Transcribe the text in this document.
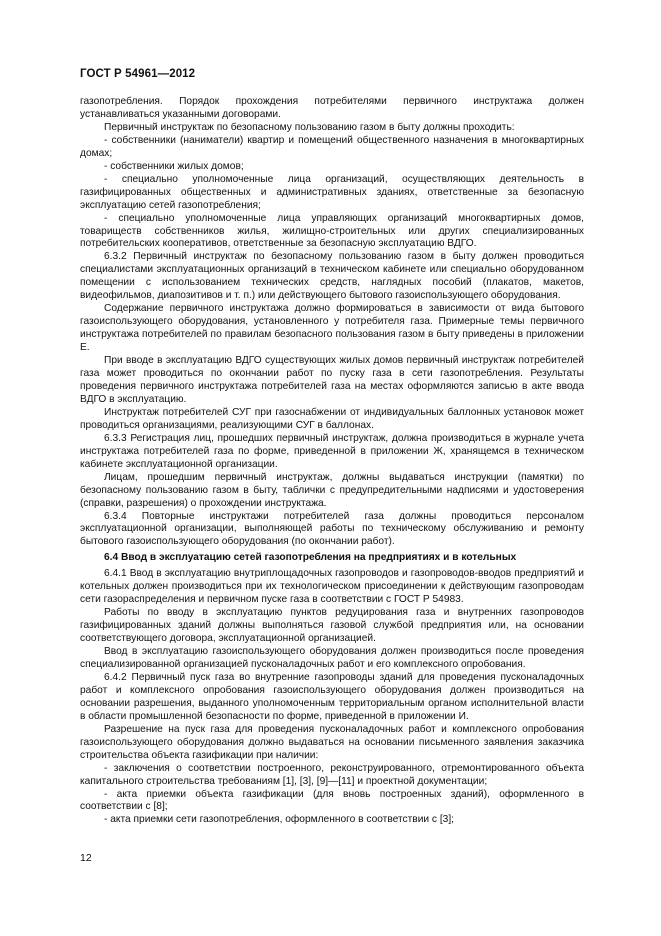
ГОСТ Р 54961—2012

газопотребления. Порядок прохождения потребителями первичного инструктажа должен устанавливаться указанными договорами.

Первичный инструктаж по безопасному пользованию газом в быту должны проходить:

- собственники (наниматели) квартир и помещений общественного назначения в многоквартирных домах;

- собственники жилых домов;

- специально уполномоченные лица организаций, осуществляющих деятельность в газифицированных общественных и административных зданиях, ответственные за безопасную эксплуатацию сетей газопотребления;

- специально уполномоченные лица управляющих организаций многоквартирных домов, товариществ собственников жилья, жилищно-строительных или других специализированных потребительских кооперативов, ответственные за безопасную эксплуатацию ВДГО.

6.3.2 Первичный инструктаж по безопасному пользованию газом в быту должен проводиться специалистами эксплуатационных организаций в техническом кабинете или специально оборудованном помещении с использованием технических средств, наглядных пособий (плакатов, макетов, видеофильмов, диапозитивов и т. п.) или действующего бытового газоиспользующего оборудования.

Содержание первичного инструктажа должно формироваться в зависимости от вида бытового газоиспользующего оборудования, установленного у потребителя газа. Примерные темы первичного инструктажа потребителей по правилам безопасного пользования газом в быту приведены в приложении Е.

При вводе в эксплуатацию ВДГО существующих жилых домов первичный инструктаж потребителей газа может проводиться по окончании работ по пуску газа в сети газопотребления. Результаты проведения первичного инструктажа потребителей газа на местах оформляются записью в акте ввода ВДГО в эксплуатацию.

Инструктаж потребителей СУГ при газоснабжении от индивидуальных баллонных установок может проводиться организациями, реализующими СУГ в баллонах.

6.3.3 Регистрация лиц, прошедших первичный инструктаж, должна производиться в журнале учета инструктажа потребителей газа по форме, приведенной в приложении Ж, хранящемся в техническом кабинете эксплуатационной организации.

Лицам, прошедшим первичный инструктаж, должны выдаваться инструкции (памятки) по безопасному пользованию газом в быту, таблички с предупредительными надписями и удостоверения (справки, разрешения) о прохождении инструктажа.

6.3.4 Повторные инструктажи потребителей газа должны проводиться персоналом эксплуатационной организации, выполняющей работы по техническому обслуживанию и ремонту бытового газоиспользующего оборудования (по окончании работ).

6.4 Ввод в эксплуатацию сетей газопотребления на предприятиях и в котельных

6.4.1 Ввод в эксплуатацию внутриплощадочных газопроводов и газопроводов-вводов предприятий и котельных должен производиться при их технологическом присоединении к действующим газопроводам сети газораспределения и первичном пуске газа в соответствии с ГОСТ Р 54983.

Работы по вводу в эксплуатацию пунктов редуцирования газа и внутренних газопроводов газифицированных зданий должны выполняться газовой службой предприятия или, на основании соответствующего договора, эксплуатационной организацией.

Ввод в эксплуатацию газоиспользующего оборудования должен производиться после проведения специализированной организацией пусконаладочных работ и его комплексного опробования.

6.4.2 Первичный пуск газа во внутренние газопроводы зданий для проведения пусконаладочных работ и комплексного опробования газоиспользующего оборудования должен производиться на основании разрешения, выданного уполномоченным территориальным органом исполнительной власти в области промышленной безопасности по форме, приведенной в приложении И.

Разрешение на пуск газа для проведения пусконаладочных работ и комплексного опробования газоиспользующего оборудования должно выдаваться на основании письменного заявления заказчика строительства объекта газификации при наличии:

- заключения о соответствии построенного, реконструированного, отремонтированного объекта капитального строительства требованиям [1], [3], [9]—[11] и проектной документации;

- акта приемки объекта газификации (для вновь построенных зданий), оформленного в соответствии с [8];

- акта приемки сети газопотребления, оформленного в соответствии с [3];

12
